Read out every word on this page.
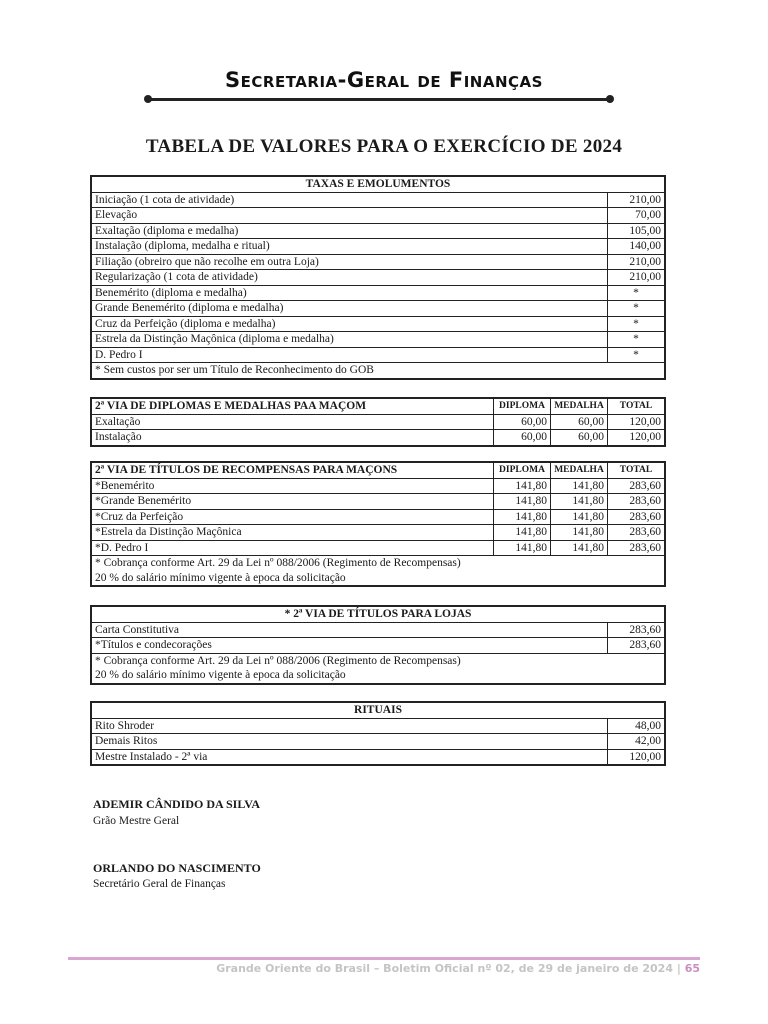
Secretaria-Geral de Finanças
TABELA DE VALORES PARA O EXERCÍCIO DE 2024
TAXAS E EMOLUMENTOS	
Iniciação (1 cota de atividade)	210,00
Elevação	70,00
Exaltação (diploma e medalha)	105,00
Instalação (diploma, medalha e ritual)	140,00
Filiação (obreiro que não recolhe em outra Loja)	210,00
Regularização (1 cota de atividade)	210,00
Benemérito (diploma e medalha)	*
Grande Benemérito (diploma e medalha)	*
Cruz da Perfeição (diploma e medalha)	*
Estrela da Distinção Maçônica (diploma e medalha)	*
D. Pedro I	*
* Sem custos por ser um Título de Reconhecimento do GOB	
2ª VIA DE DIPLOMAS E MEDALHAS PAA MAÇOM	DIPLOMA	MEDALHA	TOTAL
Exaltação	60,00	60,00	120,00
Instalação	60,00	60,00	120,00
2ª VIA DE TÍTULOS DE RECOMPENSAS PARA MAÇONS	DIPLOMA	MEDALHA	TOTAL
*Benemérito	141,80	141,80	283,60
*Grande Benemérito	141,80	141,80	283,60
*Cruz da Perfeição	141,80	141,80	283,60
*Estrela da Distinção Maçônica	141,80	141,80	283,60
*D. Pedro I	141,80	141,80	283,60

* Cobrança conforme Art. 29 da Lei nº 088/2006 (Regimento de Recompensas)
20 % do salário mínimo vigente à epoca da solicitação			
* 2ª VIA DE TÍTULOS PARA LOJAS	
Carta Constitutiva	283,60
*Títulos e condecorações	283,60

* Cobrança conforme Art. 29 da Lei nº 088/2006 (Regimento de Recompensas)
20 % do salário mínimo vigente à epoca da solicitação	
RITUAIS	
Rito Shroder	48,00
Demais Ritos	42,00
Mestre Instalado - 2ª via	120,00
ADEMIR CÂNDIDO DA SILVA
Grão Mestre Geral
ORLANDO DO NASCIMENTO
Secretário Geral de Finanças
Grande Oriente do Brasil – Boletim Oficial nº 02, de 29 de janeiro de 2024 | 65
